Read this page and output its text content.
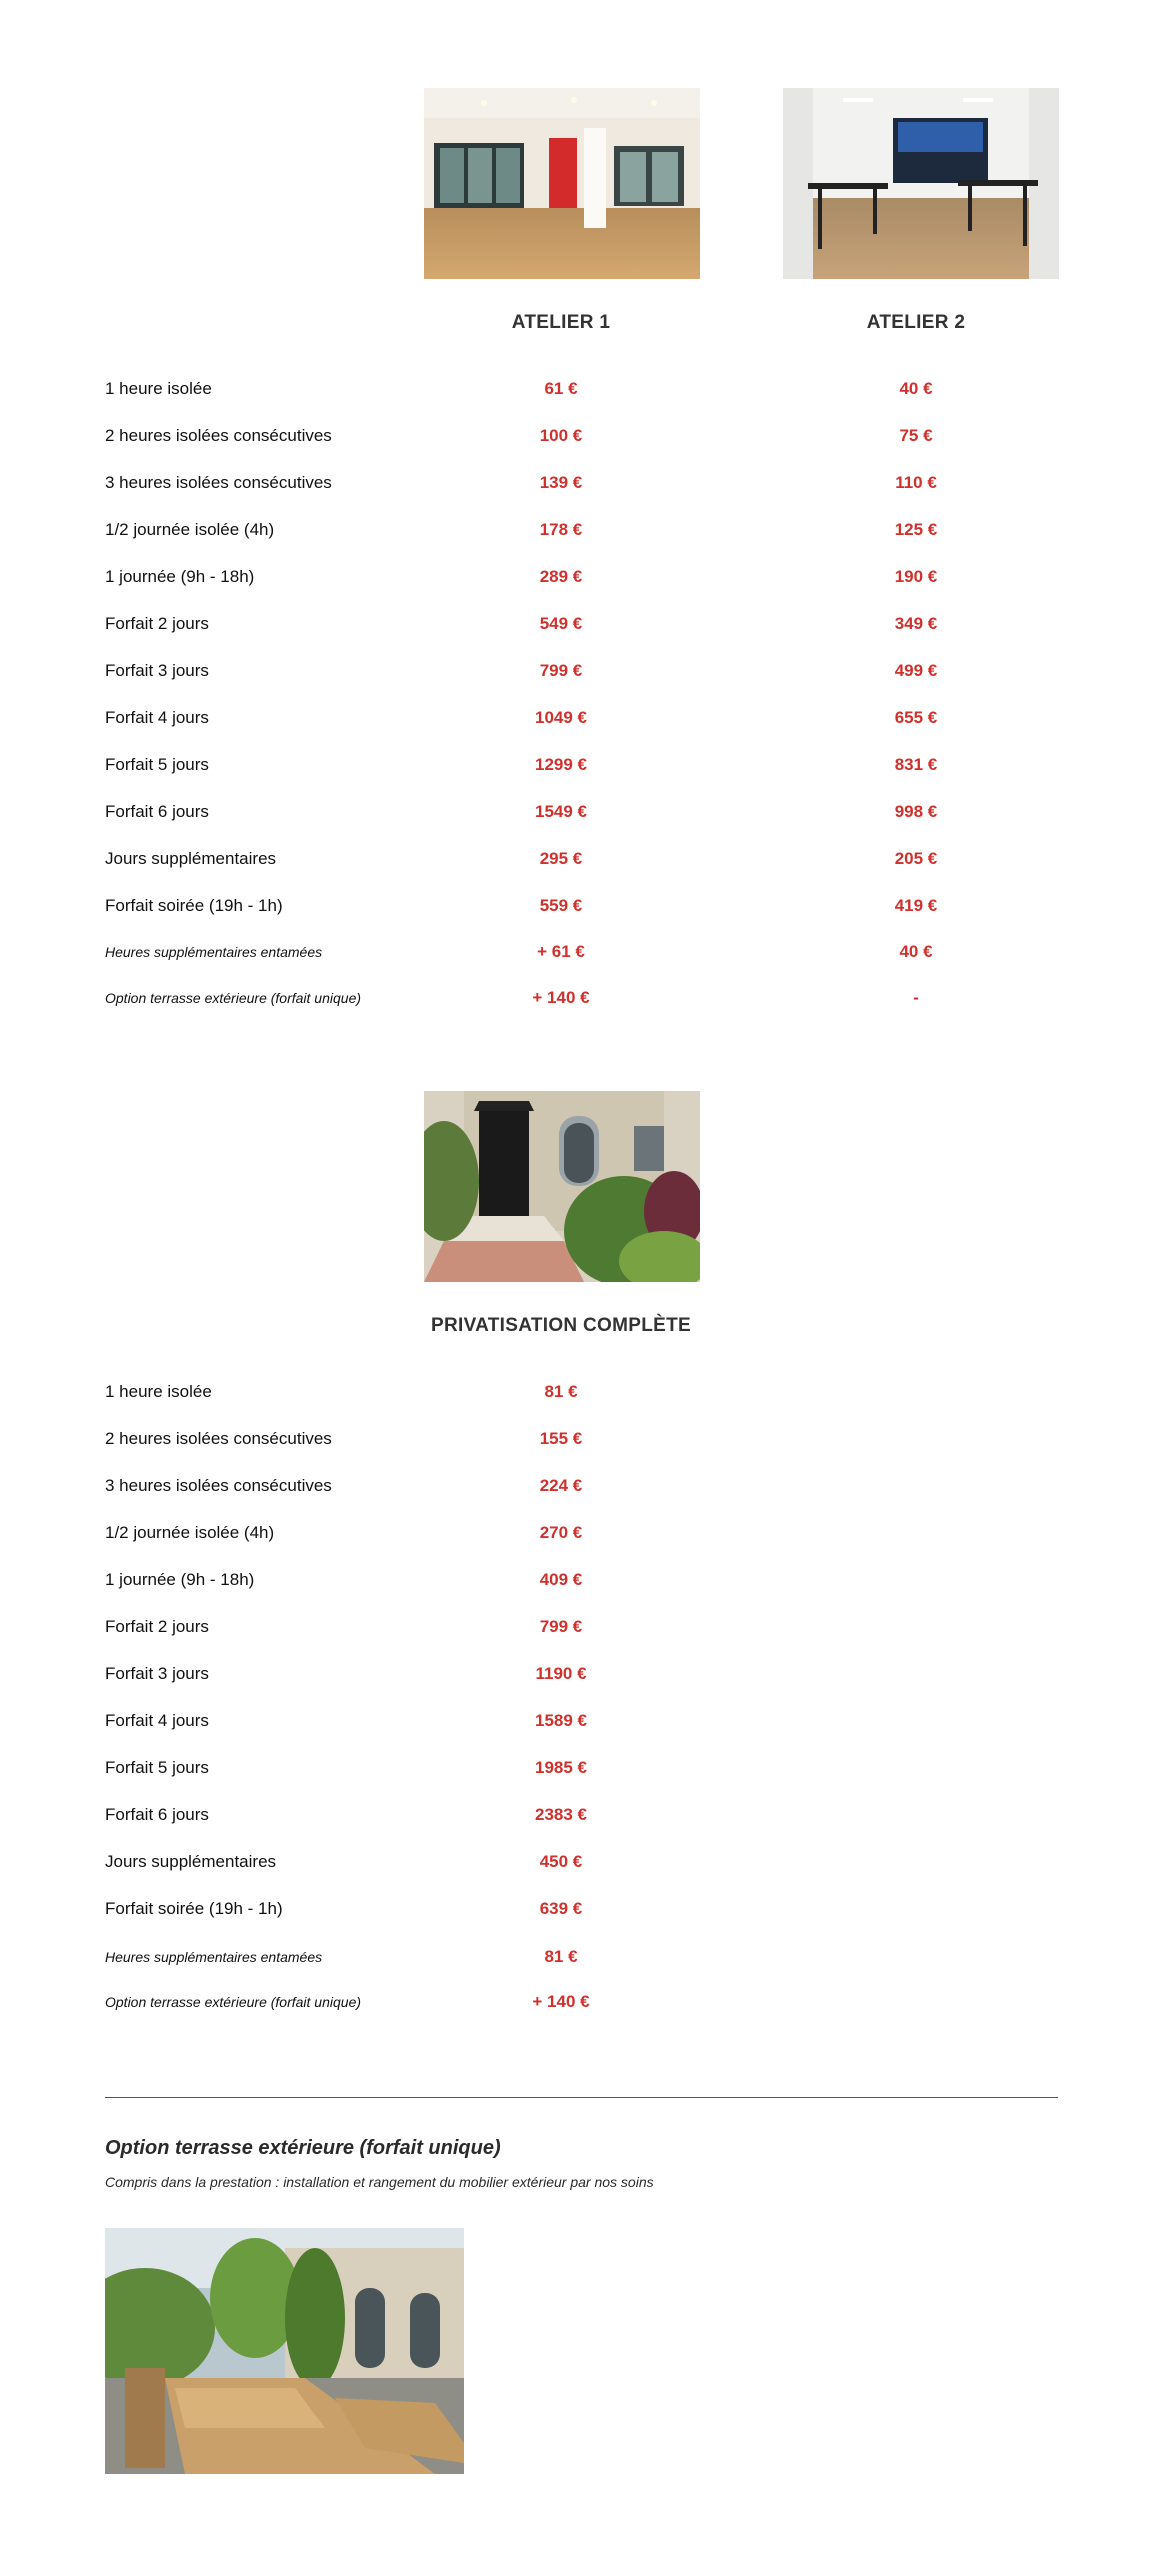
ATELIER 1	ATELIER 2
1 heure isolée	61 €	40 €
2 heures isolées consécutives	100 €	75 €
3 heures isolées consécutives	139 €	110 €
1/2 journée isolée (4h)	178 €	125 €
1 journée (9h - 18h)	289 €	190 €
Forfait 2 jours	549 €	349 €
Forfait 3 jours	799 €	499 €
Forfait 4 jours	1049 €	655 €
Forfait 5 jours	1299 €	831 €
Forfait 6 jours	1549 €	998 €
Jours supplémentaires	295 €	205 €
Forfait soirée (19h - 1h)	559 €	419 €
Heures supplémentaires entamées	+ 61 €	40 €
Option terrasse extérieure (forfait unique)	+ 140 €	-
PRIVATISATION COMPLÈTE
1 heure isolée	81 €
2 heures isolées consécutives	155 €
3 heures isolées consécutives	224 €
1/2 journée isolée (4h)	270 €
1 journée (9h - 18h)	409 €
Forfait 2 jours	799 €
Forfait 3 jours	1190 €
Forfait 4 jours	1589 €
Forfait 5 jours	1985 €
Forfait 6 jours	2383 €
Jours supplémentaires	450 €
Forfait soirée (19h - 1h)	639 €
Heures supplémentaires entamées	81 €
Option terrasse extérieure (forfait unique)	+ 140 €
Option terrasse extérieure (forfait unique)
Compris dans la prestation : installation et rangement du mobilier extérieur par nos soins
